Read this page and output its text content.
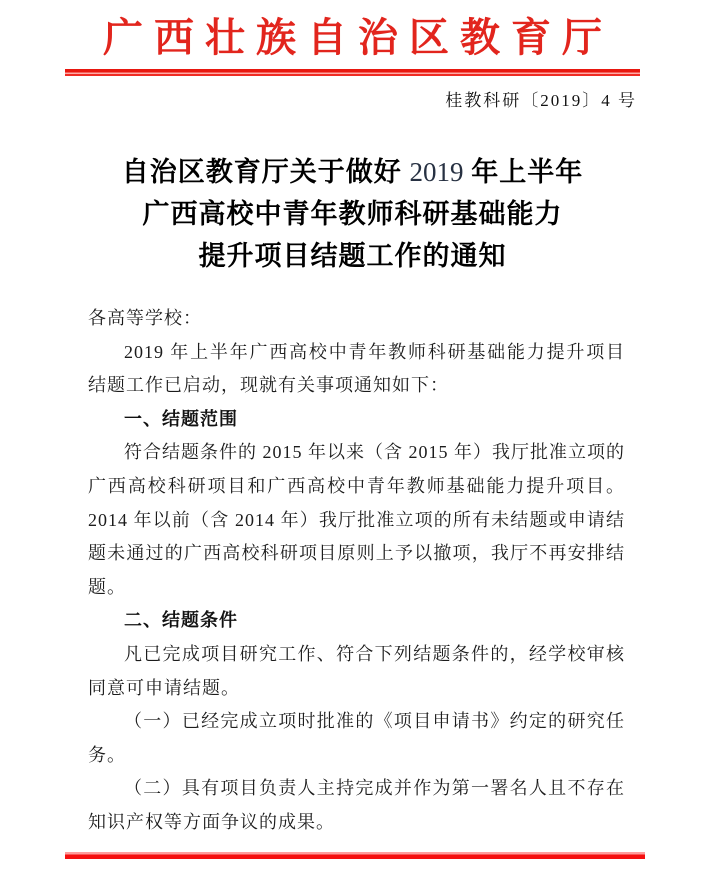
广西壮族自治区教育厅
桂教科研〔2019〕4 号
自治区教育厅关于做好 2019 年上半年
广西高校中青年教师科研基础能力
提升项目结题工作的通知

各高等学校：

2019 年上半年广西高校中青年教师科研基础能力提升项目结题工作已启动，现就有关事项通知如下：

一、结题范围

符合结题条件的 2015 年以来（含 2015 年）我厅批准立项的广西高校科研项目和广西高校中青年教师基础能力提升项目。2014 年以前（含 2014 年）我厅批准立项的所有未结题或申请结题未通过的广西高校科研项目原则上予以撤项，我厅不再安排结题。

二、结题条件

凡已完成项目研究工作、符合下列结题条件的，经学校审核同意可申请结题。

（一）已经完成立项时批准的《项目申请书》约定的研究任务。

（二）具有项目负责人主持完成并作为第一署名人且不存在知识产权等方面争议的成果。
